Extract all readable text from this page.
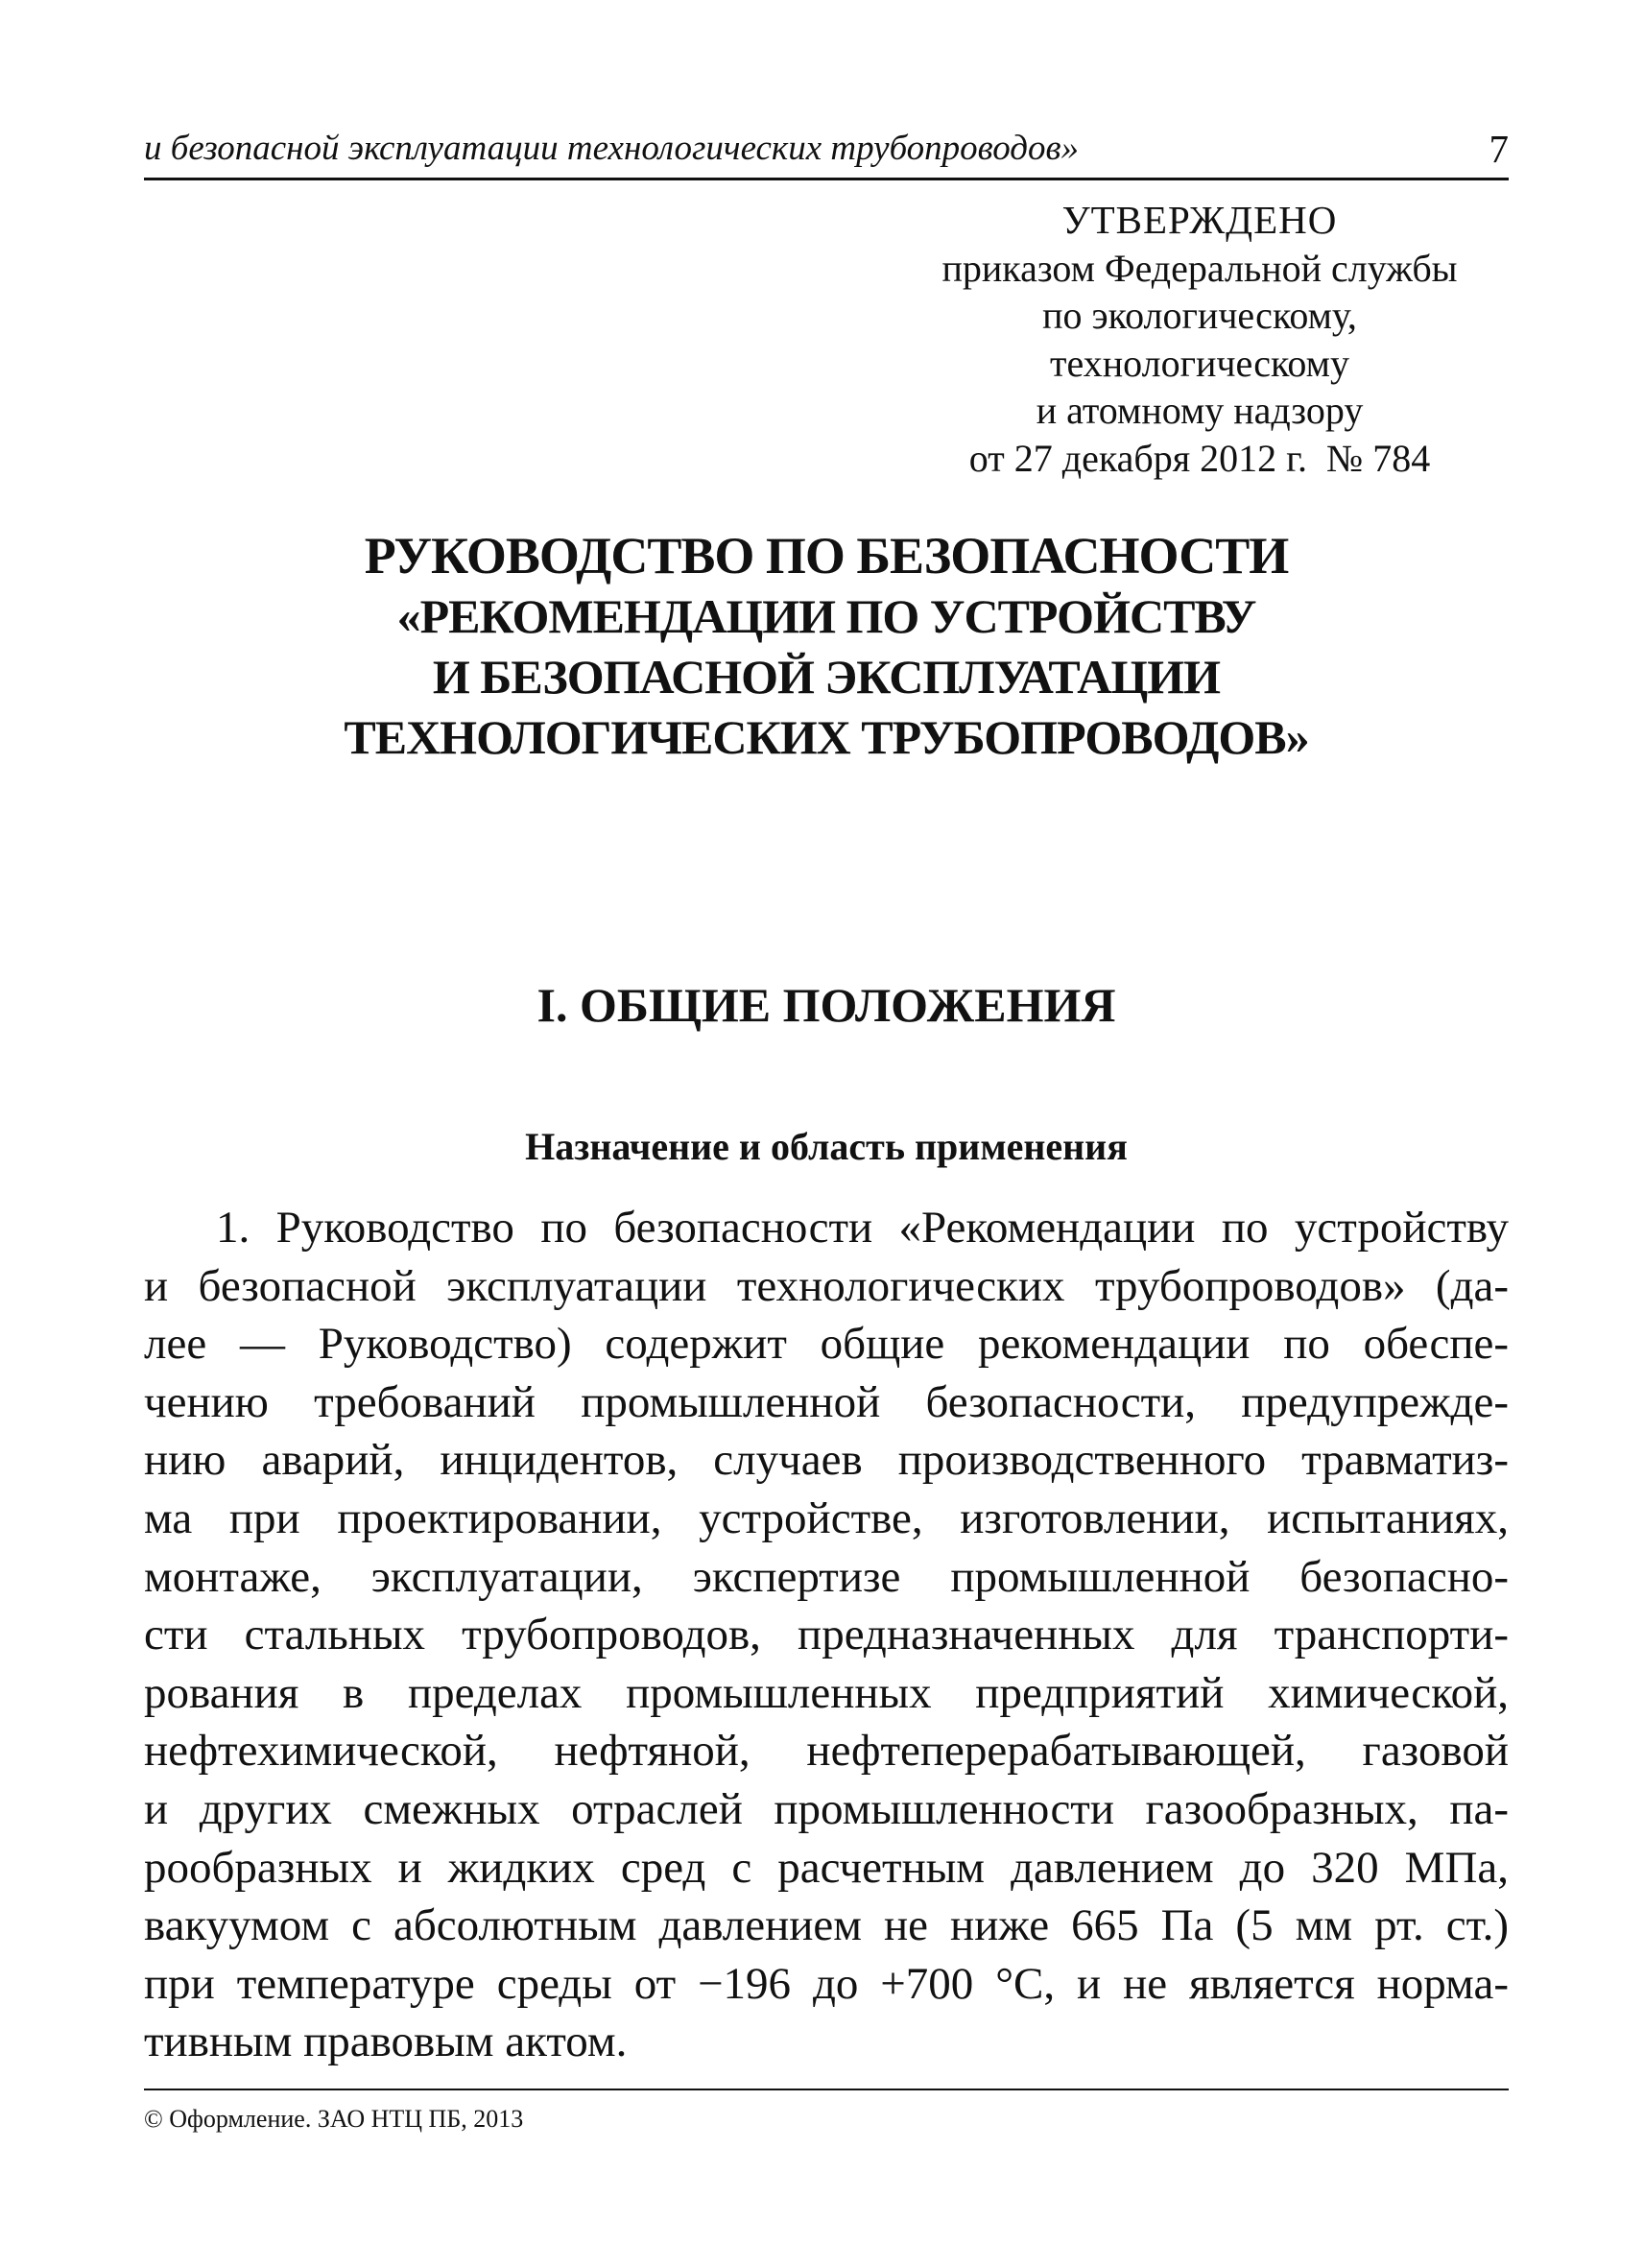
и безопасной эксплуатации технологических трубопроводов»	7
УТВЕРЖДЕНО
приказом Федеральной службы
по экологическому,
технологическому
и атомному надзору
от 27 декабря 2012 г.  № 784
РУКОВОДСТВО ПО БЕЗОПАСНОСТИ
«РЕКОМЕНДАЦИИ ПО УСТРОЙСТВУ
И БЕЗОПАСНОЙ ЭКСПЛУАТАЦИИ
ТЕХНОЛОГИЧЕСКИХ ТРУБОПРОВОДОВ»
I. ОБЩИЕ ПОЛОЖЕНИЯ
Назначение и область применения
1. Руководство по безопасности «Рекомендации по устройству
и безопасной эксплуатации технологических трубопроводов» (да-
лее — Руководство) содержит общие рекомендации по обеспе-
чению требований промышленной безопасности, предупрежде-
нию аварий, инцидентов, случаев производственного травматиз-
ма при проектировании, устройстве, изготовлении, испытаниях,
монтаже, эксплуатации, экспертизе промышленной безопасно-
сти стальных трубопроводов, предназначенных для транспорти-
рования в пределах промышленных предприятий химической,
нефтехимической, нефтяной, нефтеперерабатывающей, газовой
и других смежных отраслей промышленности газообразных, па-
рообразных и жидких сред с расчетным давлением до 320 МПа,
вакуумом с абсолютным давлением не ниже 665 Па (5 мм рт. ст.)
при температуре среды от −196 до +700 °С, и не является норма-
тивным правовым актом.
© Оформление. ЗАО НТЦ ПБ, 2013
